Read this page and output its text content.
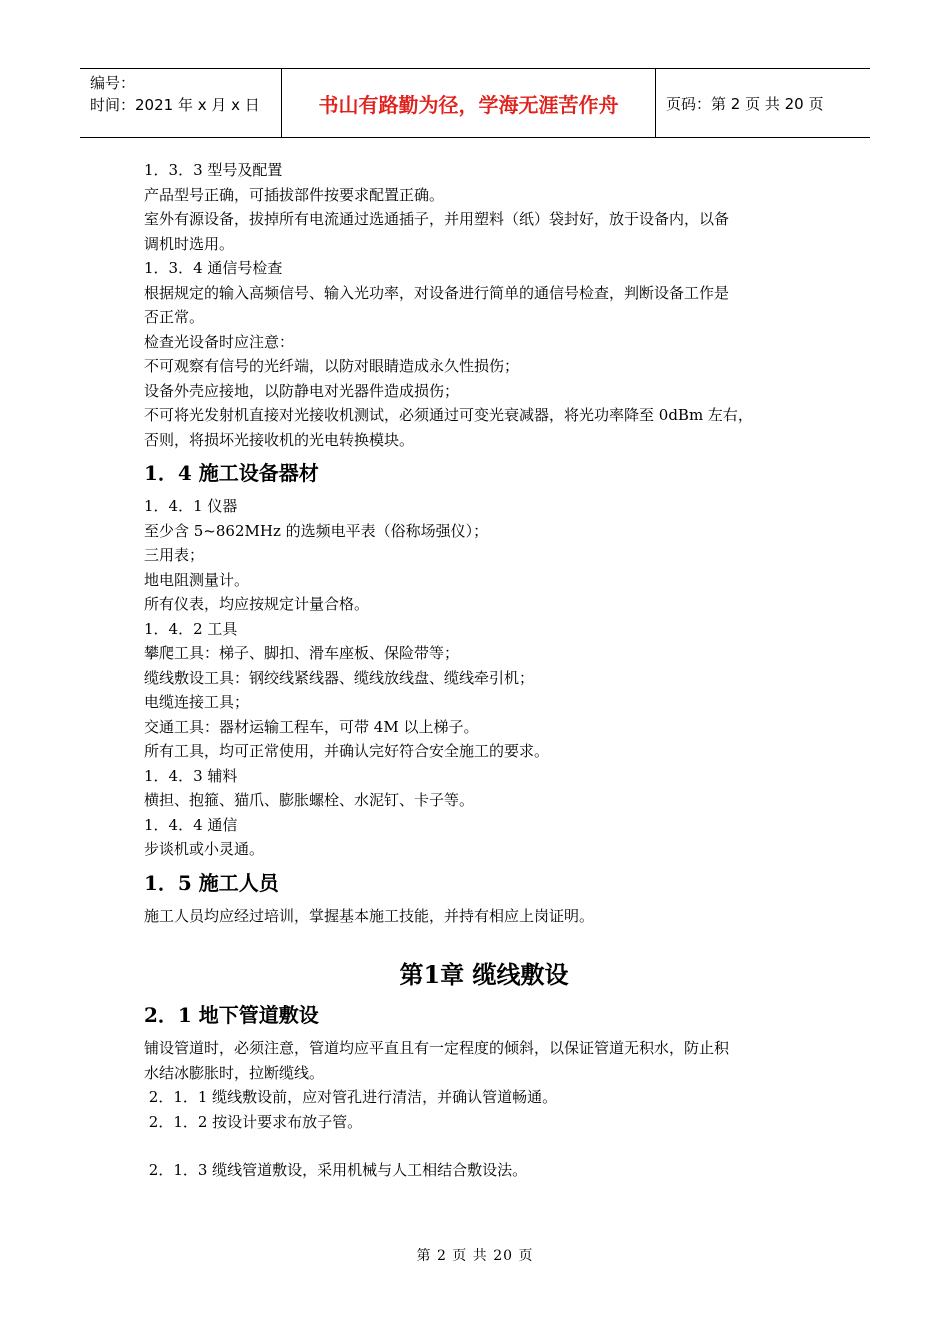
编号：
时间：2021 年 x 月 x 日	书山有路勤为径，学海无涯苦作舟	页码：第 2 页 共 20 页

1．3．3 型号及配置

产品型号正确，可插拔部件按要求配置正确。

室外有源设备，拔掉所有电流通过选通插子，并用塑料（纸）袋封好，放于设备内，以备

调机时选用。

1．3．4 通信号检查

根据规定的输入高频信号、输入光功率，对设备进行简单的通信号检查，判断设备工作是

否正常。

检查光设备时应注意：

不可观察有信号的光纤端，以防对眼睛造成永久性损伤；

设备外壳应接地，以防静电对光器件造成损伤；

不可将光发射机直接对光接收机测试，必须通过可变光衰减器，将光功率降至 0dBm 左右，

否则，将损坏光接收机的光电转换模块。

1．4 施工设备器材

1．4．1 仪器

至少含 5~862MHz 的选频电平表（俗称场强仪）；

三用表；

地电阻测量计。

所有仪表，均应按规定计量合格。

1．4．2 工具

攀爬工具：梯子、脚扣、滑车座板、保险带等；

缆线敷设工具：钢绞线紧线器、缆线放线盘、缆线牵引机；

电缆连接工具；

交通工具：器材运输工程车，可带 4M 以上梯子。

所有工具，均可正常使用，并确认完好符合安全施工的要求。

1．4．3 辅料

横担、抱箍、猫爪、膨胀螺栓、水泥钉、卡子等。

1．4．4 通信

步谈机或小灵通。

1．5 施工人员

施工人员均应经过培训，掌握基本施工技能，并持有相应上岗证明。

第1章 缆线敷设
2．1 地下管道敷设

铺设管道时，必须注意，管道均应平直且有一定程度的倾斜，以保证管道无积水，防止积

水结冰膨胀时，拉断缆线。

2．1．1 缆线敷设前，应对管孔进行清洁，并确认管道畅通。

2．1．2 按设计要求布放子管。

2．1．3 缆线管道敷设，采用机械与人工相结合敷设法。

第 2 页 共 20 页
